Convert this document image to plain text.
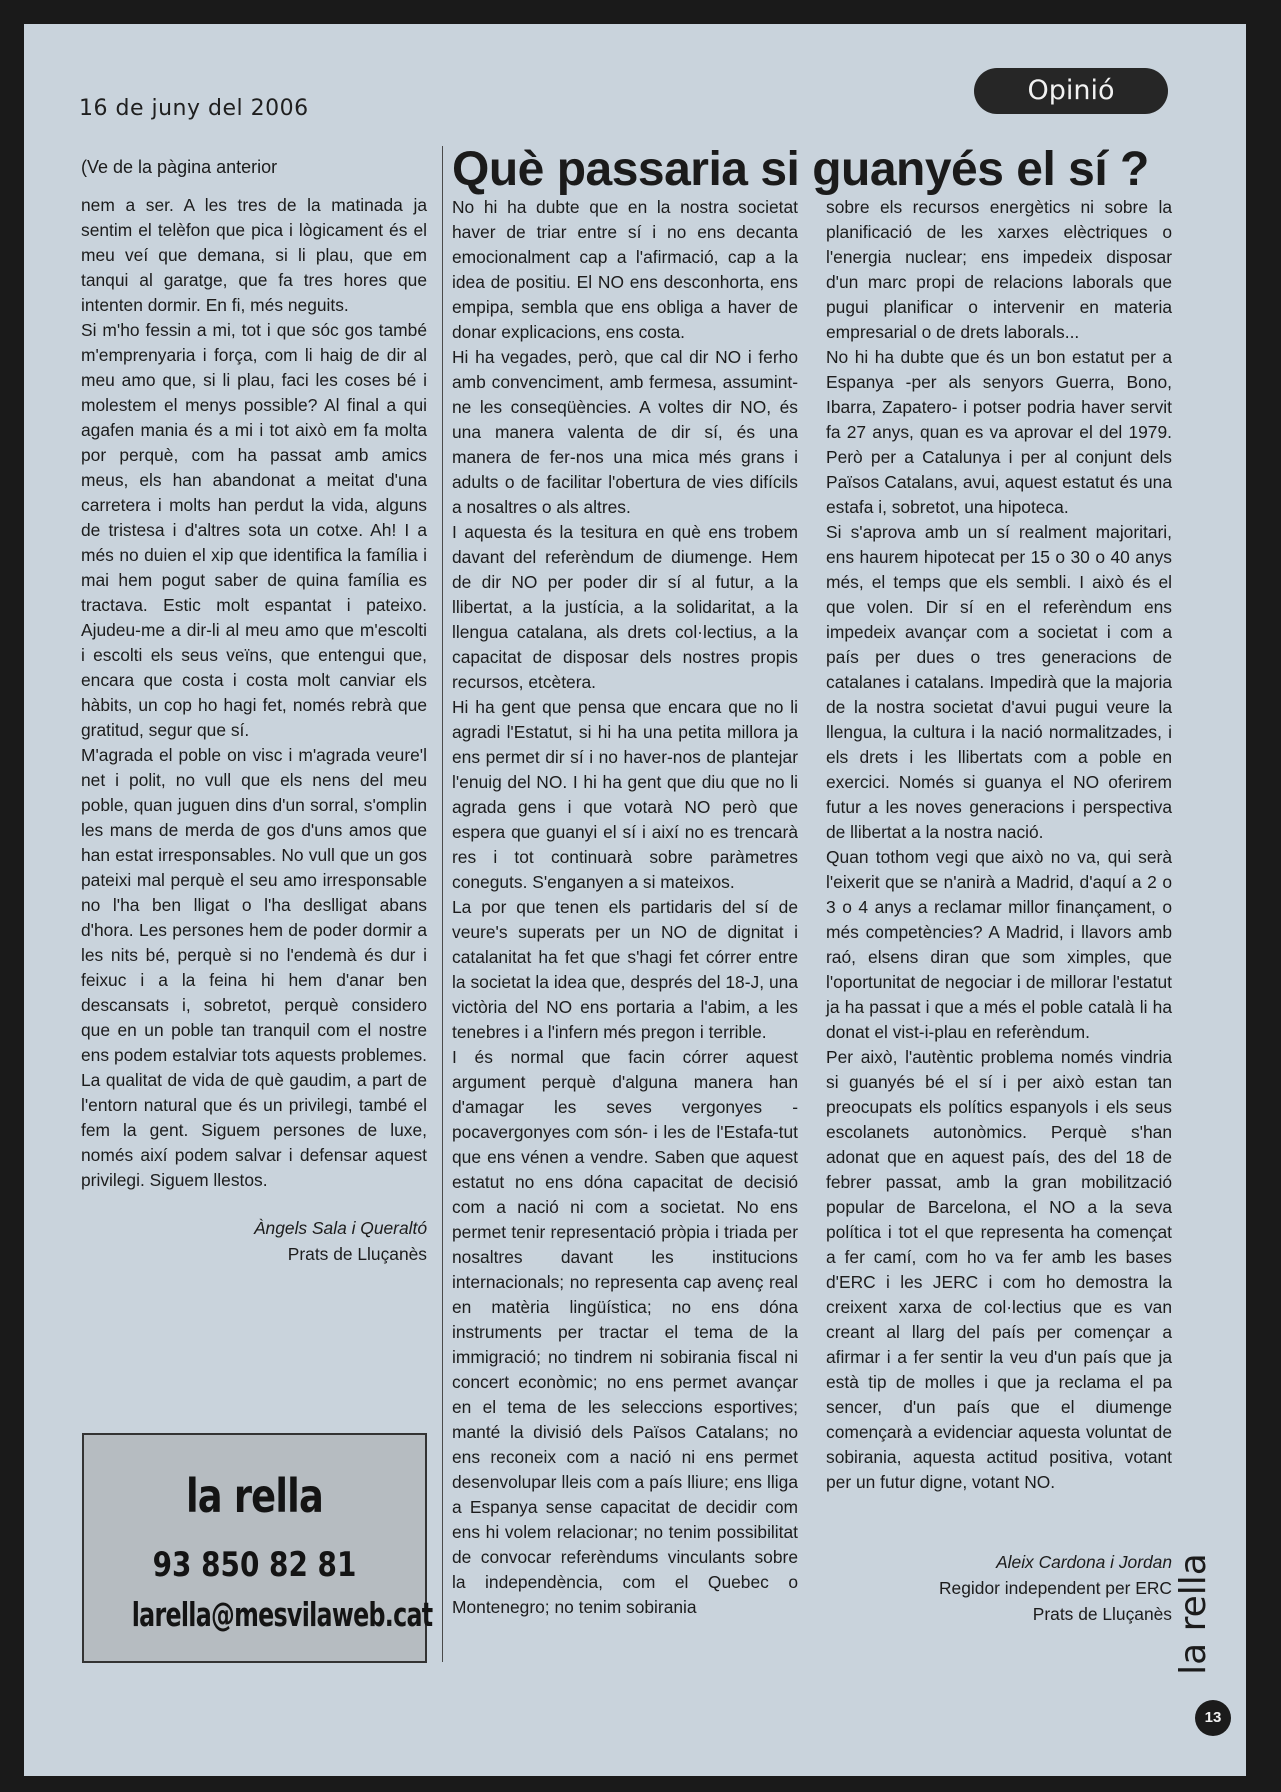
16 de juny del 2006
Opinió
Què passaria si guanyés el sí ?

(Ve de la pàgina anterior

nem a ser. A les tres de la matinada ja sentim el telèfon que pica i lògicament és el meu veí que demana, si li plau, que em tanqui al garatge, que fa tres hores que intenten dormir. En fi, més neguits.

Si m'ho fessin a mi, tot i que sóc gos també m'emprenyaria i força, com li haig de dir al meu amo que, si li plau, faci les coses bé i molestem el menys possible? Al final a qui agafen mania és a mi i tot això em fa molta por perquè, com ha passat amb amics meus, els han abandonat a meitat d'una carretera i molts han perdut la vida, alguns de tristesa i d'altres sota un cotxe. Ah! I a més no duien el xip que identifica la família i mai hem pogut saber de quina família es tractava. Estic molt espantat i pateixo. Ajudeu-me a dir-li al meu amo que m'escolti i escolti els seus veïns, que entengui que, encara que costa i costa molt canviar els hàbits, un cop ho hagi fet, només rebrà que gratitud, segur que sí.

M'agrada el poble on visc i m'agrada veure'l net i polit, no vull que els nens del meu poble, quan juguen dins d'un sorral, s'omplin les mans de merda de gos d'uns amos que han estat irresponsables. No vull que un gos pateixi mal perquè el seu amo irresponsable no l'ha ben lligat o l'ha deslligat abans d'hora. Les persones hem de poder dormir a les nits bé, perquè si no l'endemà és dur i feixuc i a la feina hi hem d'anar ben descansats i, sobretot, perquè considero que en un poble tan tranquil com el nostre ens podem estalviar tots aquests problemes. La qualitat de vida de què gaudim, a part de l'entorn natural que és un privilegi, també el fem la gent. Siguem persones de luxe, només així podem salvar i defensar aquest privilegi. Siguem llestos.

Àngels Sala i Queraltó
Prats de Lluçanès

No hi ha dubte que en la nostra societat haver de triar entre sí i no ens decanta emocionalment cap a l'afirmació, cap a la idea de positiu. El NO ens desconhorta, ens empipa, sembla que ens obliga a haver de donar explicacions, ens costa.

Hi ha vegades, però, que cal dir NO i ferho amb convenciment, amb fermesa, assumint-ne les conseqüències. A voltes dir NO, és una manera valenta de dir sí, és una manera de fer-nos una mica més grans i adults o de facilitar l'obertura de vies difícils a nosaltres o als altres.

I aquesta és la tesitura en què ens trobem davant del referèndum de diumenge. Hem de dir NO per poder dir sí al futur, a la llibertat, a la justícia, a la solidaritat, a la llengua catalana, als drets col·lectius, a la capacitat de disposar dels nostres propis recursos, etcètera.

Hi ha gent que pensa que encara que no li agradi l'Estatut, si hi ha una petita millora ja ens permet dir sí i no haver-nos de plantejar l'enuig del NO. I hi ha gent que diu que no li agrada gens i que votarà NO però que espera que guanyi el sí i així no es trencarà res i tot continuarà sobre paràmetres coneguts. S'enganyen a si mateixos.

La por que tenen els partidaris del sí de veure's superats per un NO de dignitat i catalanitat ha fet que s'hagi fet córrer entre la societat la idea que, després del 18-J, una victòria del NO ens portaria a l'abim, a les tenebres i a l'infern més pregon i terrible.

I és normal que facin córrer aquest argument perquè d'alguna manera han d'amagar les seves vergonyes -pocavergonyes com són- i les de l'Estafa-tut que ens vénen a vendre. Saben que aquest estatut no ens dóna capacitat de decisió com a nació ni com a societat. No ens permet tenir representació pròpia i triada per nosaltres davant les institucions internacionals; no representa cap avenç real en matèria lingüística; no ens dóna instruments per tractar el tema de la immigració; no tindrem ni sobirania fiscal ni concert econòmic; no ens permet avançar en el tema de les seleccions esportives; manté la divisió dels Països Catalans; no ens reconeix com a nació ni ens permet desenvolupar lleis com a país lliure; ens lliga a Espanya sense capacitat de decidir com ens hi volem relacionar; no tenim possibilitat de convocar referèndums vinculants sobre la independència, com el Quebec o Montenegro; no tenim sobirania

sobre els recursos energètics ni sobre la planificació de les xarxes elèctriques o l'energia nuclear; ens impedeix disposar d'un marc propi de relacions laborals que pugui planificar o intervenir en materia empresarial o de drets laborals...

No hi ha dubte que és un bon estatut per a Espanya -per als senyors Guerra, Bono, Ibarra, Zapatero- i potser podria haver servit fa 27 anys, quan es va aprovar el del 1979. Però per a Catalunya i per al conjunt dels Països Catalans, avui, aquest estatut és una estafa i, sobretot, una hipoteca.

Si s'aprova amb un sí realment majoritari, ens haurem hipotecat per 15 o 30 o 40 anys més, el temps que els sembli. I això és el que volen. Dir sí en el referèndum ens impedeix avançar com a societat i com a país per dues o tres generacions de catalanes i catalans. Impedirà que la majoria de la nostra societat d'avui pugui veure la llengua, la cultura i la nació normalitzades, i els drets i les llibertats com a poble en exercici. Només si guanya el NO oferirem futur a les noves generacions i perspectiva de llibertat a la nostra nació.

Quan tothom vegi que això no va, qui serà l'eixerit que se n'anirà a Madrid, d'aquí a 2 o 3 o 4 anys a reclamar millor finançament, o més competències? A Madrid, i llavors amb raó, elsens diran que som ximples, que l'oportunitat de negociar i de millorar l'estatut ja ha passat i que a més el poble català li ha donat el vist-i-plau en referèndum.

Per això, l'autèntic problema només vindria si guanyés bé el sí i per això estan tan preocupats els polítics espanyols i els seus escolanets autonòmics. Perquè s'han adonat que en aquest país, des del 18 de febrer passat, amb la gran mobilització popular de Barcelona, el NO a la seva política i tot el que representa ha començat a fer camí, com ho va fer amb les bases d'ERC i les JERC i com ho demostra la creixent xarxa de col·lectius que es van creant al llarg del país per començar a afirmar i a fer sentir la veu d'un país que ja està tip de molles i que ja reclama el pa sencer, d'un país que el diumenge començarà a evidenciar aquesta voluntat de sobirania, aquesta actitud positiva, votant per un futur digne, votant NO.

Aleix Cardona i Jordan
Regidor independent per ERC
Prats de Lluçanès
la rella
93 850 82 81
larella@mesvilaweb.cat	la rella
13
